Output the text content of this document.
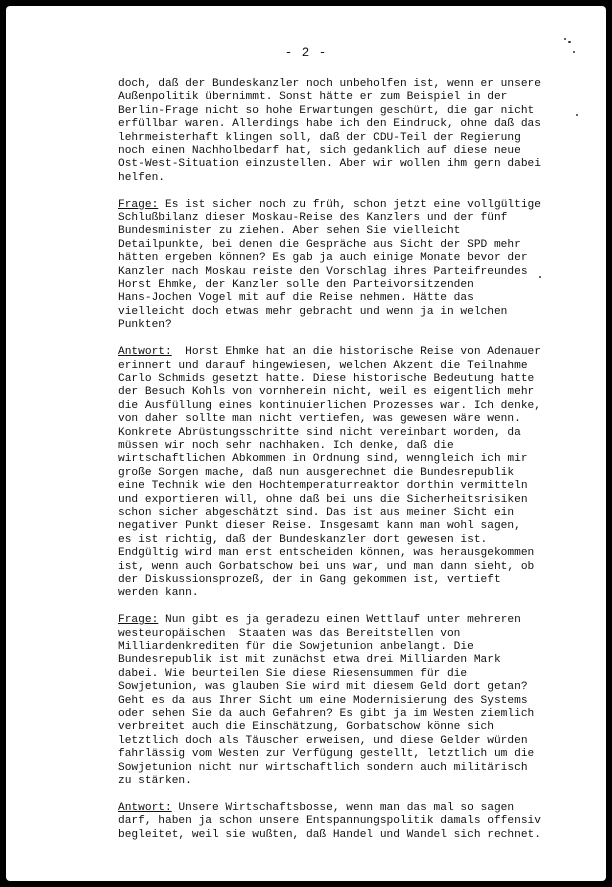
- 2 -
doch, daß der Bundeskanzler noch unbeholfen ist, wenn er unsere
Außenpolitik übernimmt. Sonst hätte er zum Beispiel in der
Berlin-Frage nicht so hohe Erwartungen geschürt, die gar nicht
erfüllbar waren. Allerdings habe ich den Eindruck, ohne daß das
lehrmeisterhaft klingen soll, daß der CDU-Teil der Regierung
noch einen Nachholbedarf hat, sich gedanklich auf diese neue
Ost-West-Situation einzustellen. Aber wir wollen ihm gern dabei
helfen.
Frage: Es ist sicher noch zu früh, schon jetzt eine vollgültige
Schlußbilanz dieser Moskau-Reise des Kanzlers und der fünf
Bundesminister zu ziehen. Aber sehen Sie vielleicht
Detailpunkte, bei denen die Gespräche aus Sicht der SPD mehr
hätten ergeben können? Es gab ja auch einige Monate bevor der
Kanzler nach Moskau reiste den Vorschlag ihres Parteifreundes
Horst Ehmke, der Kanzler solle den Parteivorsitzenden
Hans-Jochen Vogel mit auf die Reise nehmen. Hätte das
vielleicht doch etwas mehr gebracht und wenn ja in welchen
Punkten?
Antwort:  Horst Ehmke hat an die historische Reise von Adenauer
erinnert und darauf hingewiesen, welchen Akzent die Teilnahme
Carlo Schmids gesetzt hatte. Diese historische Bedeutung hatte
der Besuch Kohls von vornherein nicht, weil es eigentlich mehr
die Ausfüllung eines kontinuierlichen Prozesses war. Ich denke,
von daher sollte man nicht vertiefen, was gewesen wäre wenn.
Konkrete Abrüstungsschritte sind nicht vereinbart worden, da
müssen wir noch sehr nachhaken. Ich denke, daß die
wirtschaftlichen Abkommen in Ordnung sind, wenngleich ich mir
große Sorgen mache, daß nun ausgerechnet die Bundesrepublik
eine Technik wie den Hochtemperaturreaktor dorthin vermitteln
und exportieren will, ohne daß bei uns die Sicherheitsrisiken
schon sicher abgeschätzt sind. Das ist aus meiner Sicht ein
negativer Punkt dieser Reise. Insgesamt kann man wohl sagen,
es ist richtig, daß der Bundeskanzler dort gewesen ist.
Endgültig wird man erst entscheiden können, was herausgekommen
ist, wenn auch Gorbatschow bei uns war, und man dann sieht, ob
der Diskussionsprozeß, der in Gang gekommen ist, vertieft
werden kann.
Frage: Nun gibt es ja geradezu einen Wettlauf unter mehreren
westeuropäischen  Staaten was das Bereitstellen von
Milliardenkrediten für die Sowjetunion anbelangt. Die
Bundesrepublik ist mit zunächst etwa drei Milliarden Mark
dabei. Wie beurteilen Sie diese Riesensummen für die
Sowjetunion, was glauben Sie wird mit diesem Geld dort getan?
Geht es da aus Ihrer Sicht um eine Modernisierung des Systems
oder sehen Sie da auch Gefahren? Es gibt ja im Westen ziemlich
verbreitet auch die Einschätzung, Gorbatschow könne sich
letztlich doch als Täuscher erweisen, und diese Gelder würden
fahrlässig vom Westen zur Verfügung gestellt, letztlich um die
Sowjetunion nicht nur wirtschaftlich sondern auch militärisch
zu stärken.
Antwort: Unsere Wirtschaftsbosse, wenn man das mal so sagen
darf, haben ja schon unsere Entspannungspolitik damals offensiv
begleitet, weil sie wußten, daß Handel und Wandel sich rechnet.
